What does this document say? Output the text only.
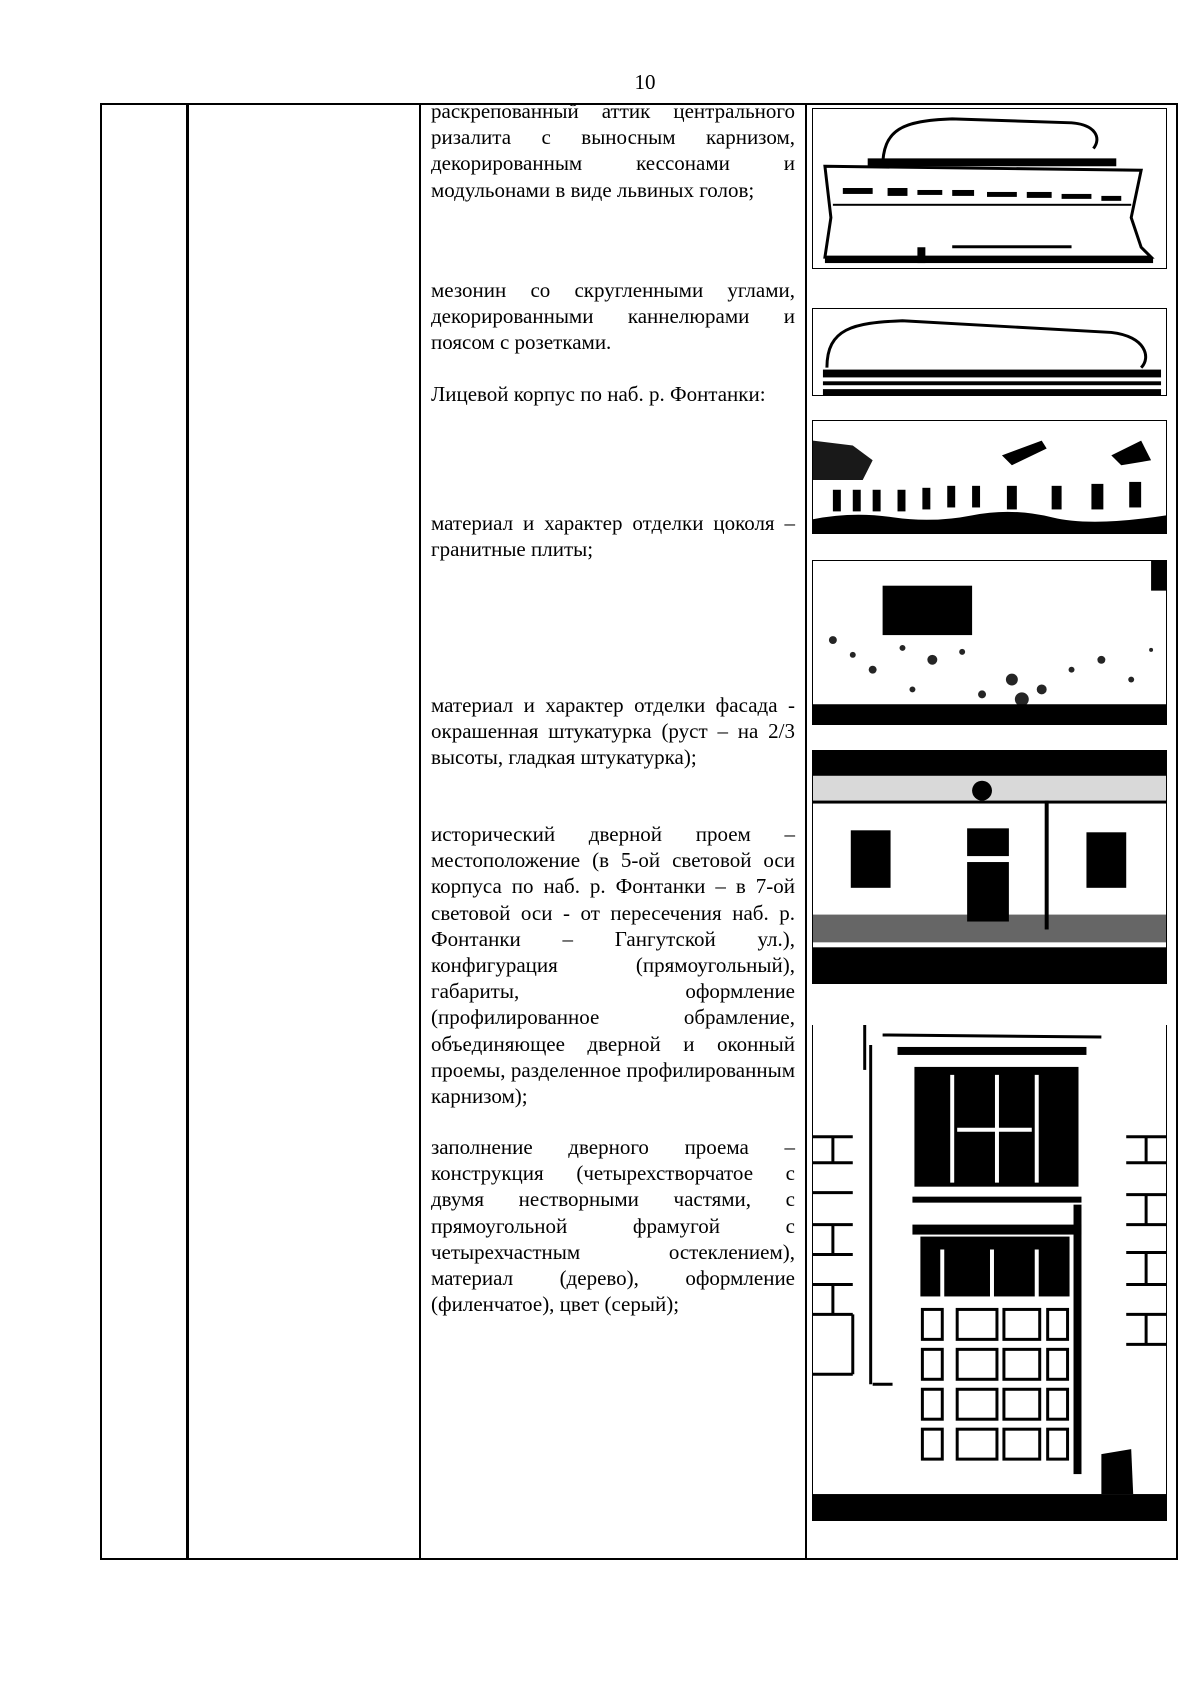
10

раскрепованный аттик центрального ризалита с выносным карнизом, декорированным кессонами и модульонами в виде львиных голов;

мезонин со скругленными углами, декорированными каннелюрами и поясом с розетками.

Лицевой корпус по наб. р. Фонтанки:

материал и характер отделки цоколя – гранитные плиты;

материал и характер отделки фасада - окрашенная штукатурка (руст – на 2/3 высоты, гладкая штукатурка);

исторический дверной проем – местоположение (в 5-ой световой оси корпуса по наб. р. Фонтанки – в 7-ой световой оси - от пересечения наб. р. Фонтанки – Гангутской ул.), конфигурация (прямоугольный), габариты, оформление (профилированное обрамление, объединяющее дверной и оконный проемы, разделенное профилированным карнизом);

заполнение дверного проема – конструкция (четырехстворчатое с двумя нестворными частями, с прямоугольной фрамугой с четырехчастным остеклением), материал (дерево), оформление (филенчатое), цвет (серый);
